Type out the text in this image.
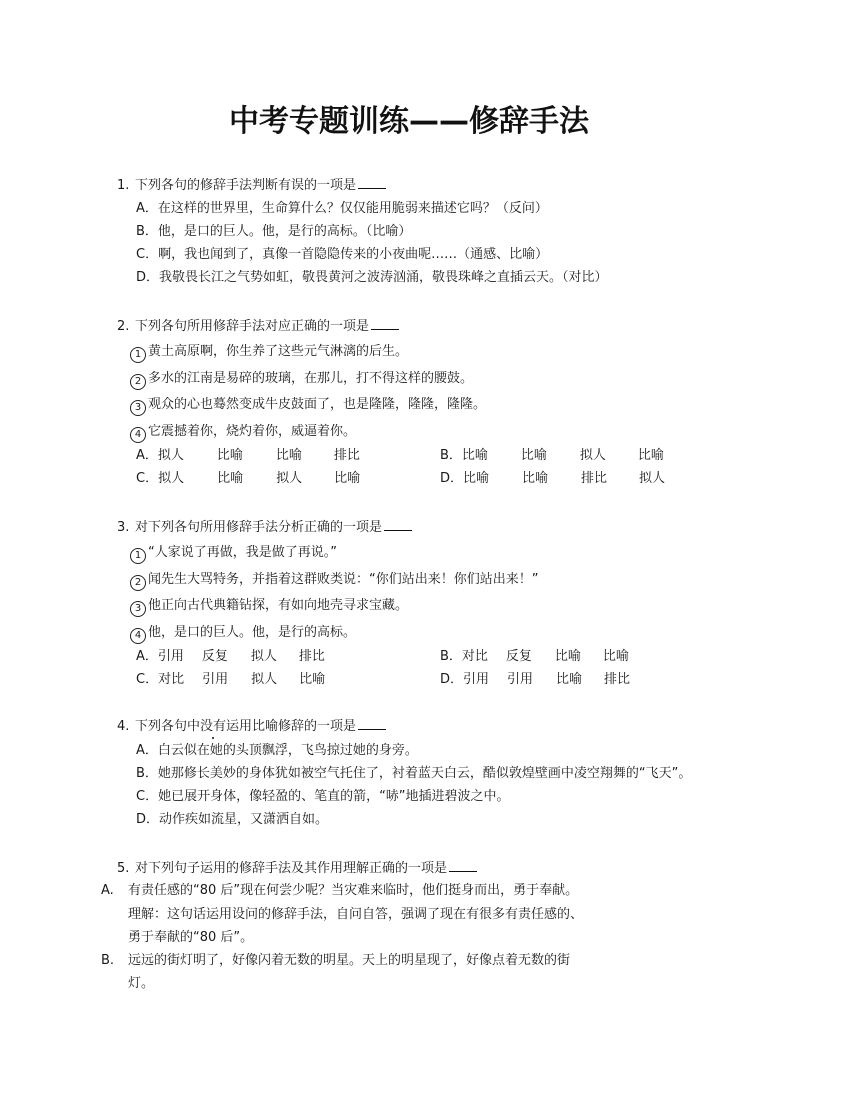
中考专题训练——修辞手法
1. 下列各句的修辞手法判断有误的一项是
A．在这样的世界里，生命算什么？仅仅能用脆弱来描述它吗？（反问）
B．他，是口的巨人。他，是行的高标。（比喻）
C．啊，我也闻到了，真像一首隐隐传来的小夜曲呢……（通感、比喻）
D．我敬畏长江之气势如虹，敬畏黄河之波涛汹涌，敬畏珠峰之直插云天。（对比）
2. 下列各句所用修辞手法对应正确的一项是
1 黄土高原啊，你生养了这些元气淋漓的后生。
2 多水的江南是易碎的玻璃，在那儿，打不得这样的腰鼓。
3 观众的心也蓦然变成牛皮鼓面了，也是隆隆，隆隆，隆隆。
4 它震撼着你，烧灼着你，威逼着你。
A．拟人	比喻	比喻 排比	B．比喻	比喻	拟人 比喻
C．拟人	比喻	拟人 比喻	D．比喻	比喻	排比 拟人
3. 对下列各句所用修辞手法分析正确的一项是
1 “人家说了再做，我是做了再说。”
2 闻先生大骂特务，并指着这群败类说：“你们站出来！你们站出来！”
3 他正向古代典籍钻探，有如向地壳寻求宝藏。
4 他，是口的巨人。他，是行的高标。
A．引用 反复 拟人 排比	B．对比 反复 比喻 比喻
C．对比 引用 拟人 比喻	D．引用 引用 比喻 排比
4. 下列各句中没有运用比喻修辞的一项是
A．白云似在她的头顶飘浮，飞鸟掠过她的身旁。
B．她那修长美妙的身体犹如被空气托住了，衬着蓝天白云，酷似敦煌壁画中凌空翔舞的“飞天”。
C．她已展开身体，像轻盈的、笔直的箭，“哧”地插进碧波之中。
D．动作疾如流星，又潇洒自如。
5. 对下列句子运用的修辞手法及其作用理解正确的一项是
A. 有责任感的“80 后”现在何尝少呢？当灾难来临时，他们挺身而出，勇于奉献。
理解：这句话运用设问的修辞手法，自问自答，强调了现在有很多有责任感的、
勇于奉献的“80 后”。
B. 远远的街灯明了，好像闪着无数的明星。天上的明星现了，好像点着无数的街
灯。
